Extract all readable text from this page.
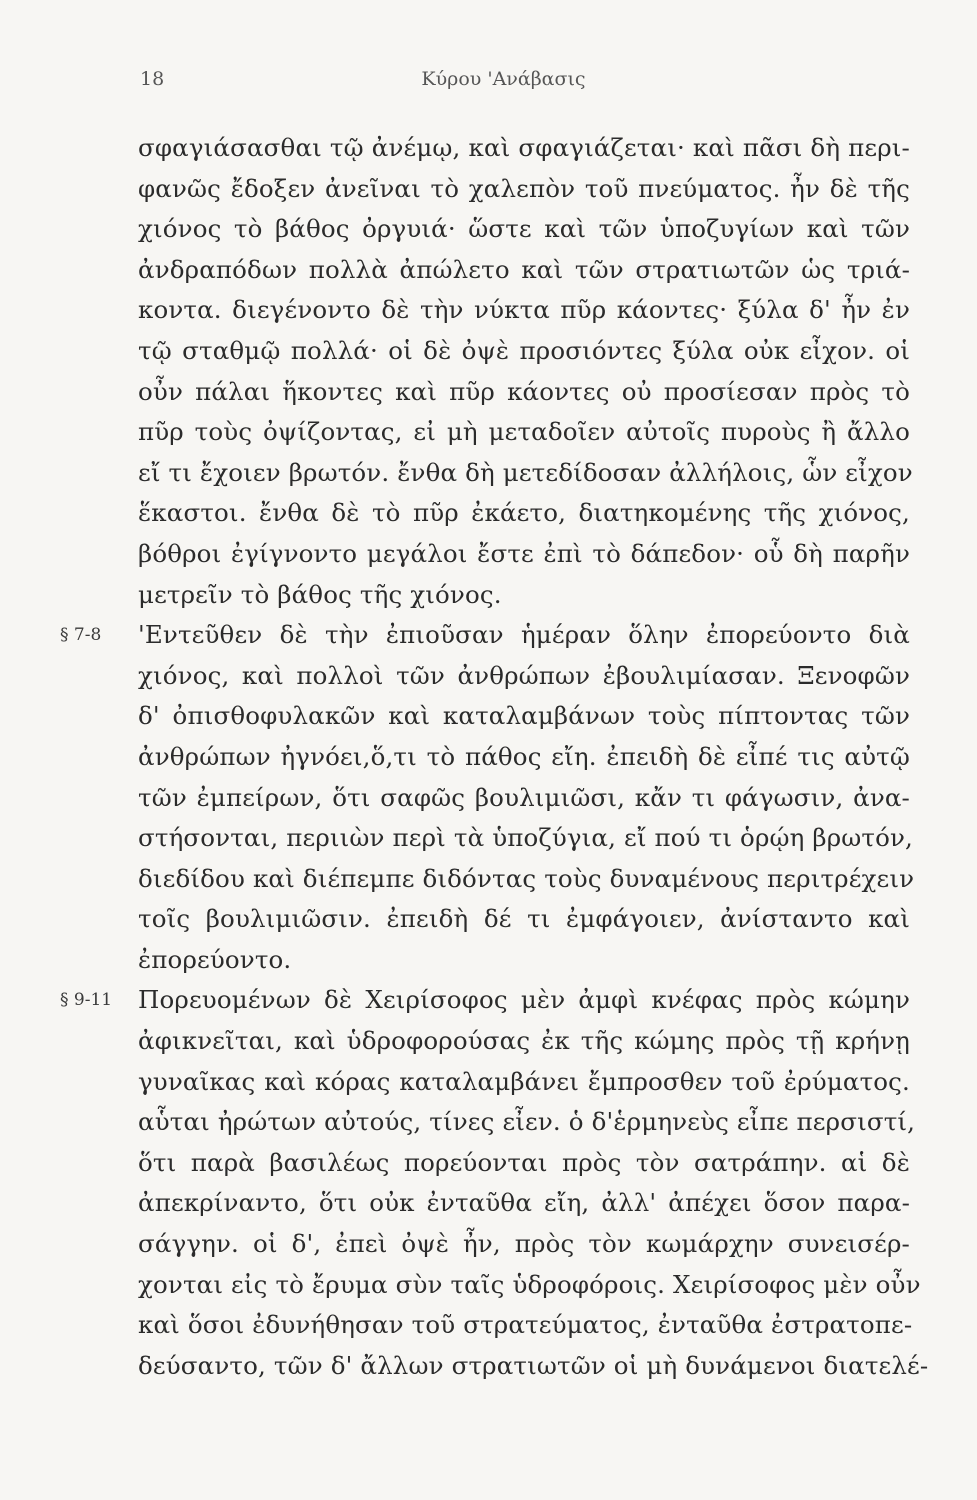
18	Κύρου 'Ανάβασις
σφαγιάσασθαι τῷ ἀνέμῳ, καὶ σφαγιάζεται· καὶ πᾶσι δὴ περι-
φανῶς ἔδοξεν ἀνεῖναι τὸ χαλεπὸν τοῦ πνεύματος. ἦν δὲ τῆς
χιόνος τὸ βάθος ὀργυιά· ὥστε καὶ τῶν ὑποζυγίων καὶ τῶν
ἀνδραπόδων πολλὰ ἀπώλετο καὶ τῶν στρατιωτῶν ὡς τριά-
κοντα. διεγένοντο δὲ τὴν νύκτα πῦρ κάοντες· ξύλα δ' ἦν ἐν
τῷ σταθμῷ πολλά· οἱ δὲ ὀψὲ προσιόντες ξύλα οὐκ εἶχον. οἱ
οὖν πάλαι ἥκοντες καὶ πῦρ κάοντες οὐ προσίεσαν πρὸς τὸ
πῦρ τοὺς ὀψίζοντας, εἰ μὴ μεταδοῖεν αὐτοῖς πυροὺς ἢ ἄλλο
εἴ τι ἔχοιεν βρωτόν. ἔνθα δὴ μετεδίδοσαν ἀλλήλοις, ὧν εἶχον
ἕκαστοι. ἔνθα δὲ τὸ πῦρ ἐκάετο, διατηκομένης τῆς χιόνος,
βόθροι ἐγίγνοντο μεγάλοι ἔστε ἐπὶ τὸ δάπεδον· οὗ δὴ παρῆν
μετρεῖν τὸ βάθος τῆς χιόνος.
§ 7-8 'Εντεῦθεν δὲ τὴν ἐπιοῦσαν ἡμέραν ὅλην ἐπορεύοντο διὰ
χιόνος, καὶ πολλοὶ τῶν ἀνθρώπων ἐβουλιμίασαν. Ξενοφῶν
δ' ὀπισθοφυλακῶν καὶ καταλαμβάνων τοὺς πίπτοντας τῶν
ἀνθρώπων ἠγνόει,ὅ,τι τὸ πάθος εἴη. ἐπειδὴ δὲ εἶπέ τις αὐτῷ
τῶν ἐμπείρων, ὅτι σαφῶς βουλιμιῶσι, κἄν τι φάγωσιν, ἀνα-
στήσονται, περιιὼν περὶ τὰ ὑποζύγια, εἴ πού τι ὁρῴη βρωτόν,
διεδίδου καὶ διέπεμπε διδόντας τοὺς δυναμένους περιτρέχειν
τοῖς βουλιμιῶσιν. ἐπειδὴ δέ τι ἐμφάγοιεν, ἀνίσταντο καὶ
ἐπορεύοντο.
§ 9-11 Πορευομένων δὲ Χειρίσοφος μὲν ἀμφὶ κνέφας πρὸς κώμην
ἀφικνεῖται, καὶ ὑδροφορούσας ἐκ τῆς κώμης πρὸς τῇ κρήνῃ
γυναῖκας καὶ κόρας καταλαμβάνει ἔμπροσθεν τοῦ ἐρύματος.
αὗται ἠρώτων αὐτούς, τίνες εἶεν. ὁ δ'ἑρμηνεὺς εἶπε περσιστί,
ὅτι παρὰ βασιλέως πορεύονται πρὸς τὸν σατράπην. αἱ δὲ
ἀπεκρίναντο, ὅτι οὐκ ἐνταῦθα εἴη, ἀλλ' ἀπέχει ὅσον παρα-
σάγγην. οἱ δ', ἐπεὶ ὀψὲ ἦν, πρὸς τὸν κωμάρχην συνεισέρ-
χονται εἰς τὸ ἔρυμα σὺν ταῖς ὑδροφόροις. Χειρίσοφος μὲν οὖν
καὶ ὅσοι ἐδυνήθησαν τοῦ στρατεύματος, ἐνταῦθα ἐστρατοπε-
δεύσαντο, τῶν δ' ἄλλων στρατιωτῶν οἱ μὴ δυνάμενοι διατελέ-
